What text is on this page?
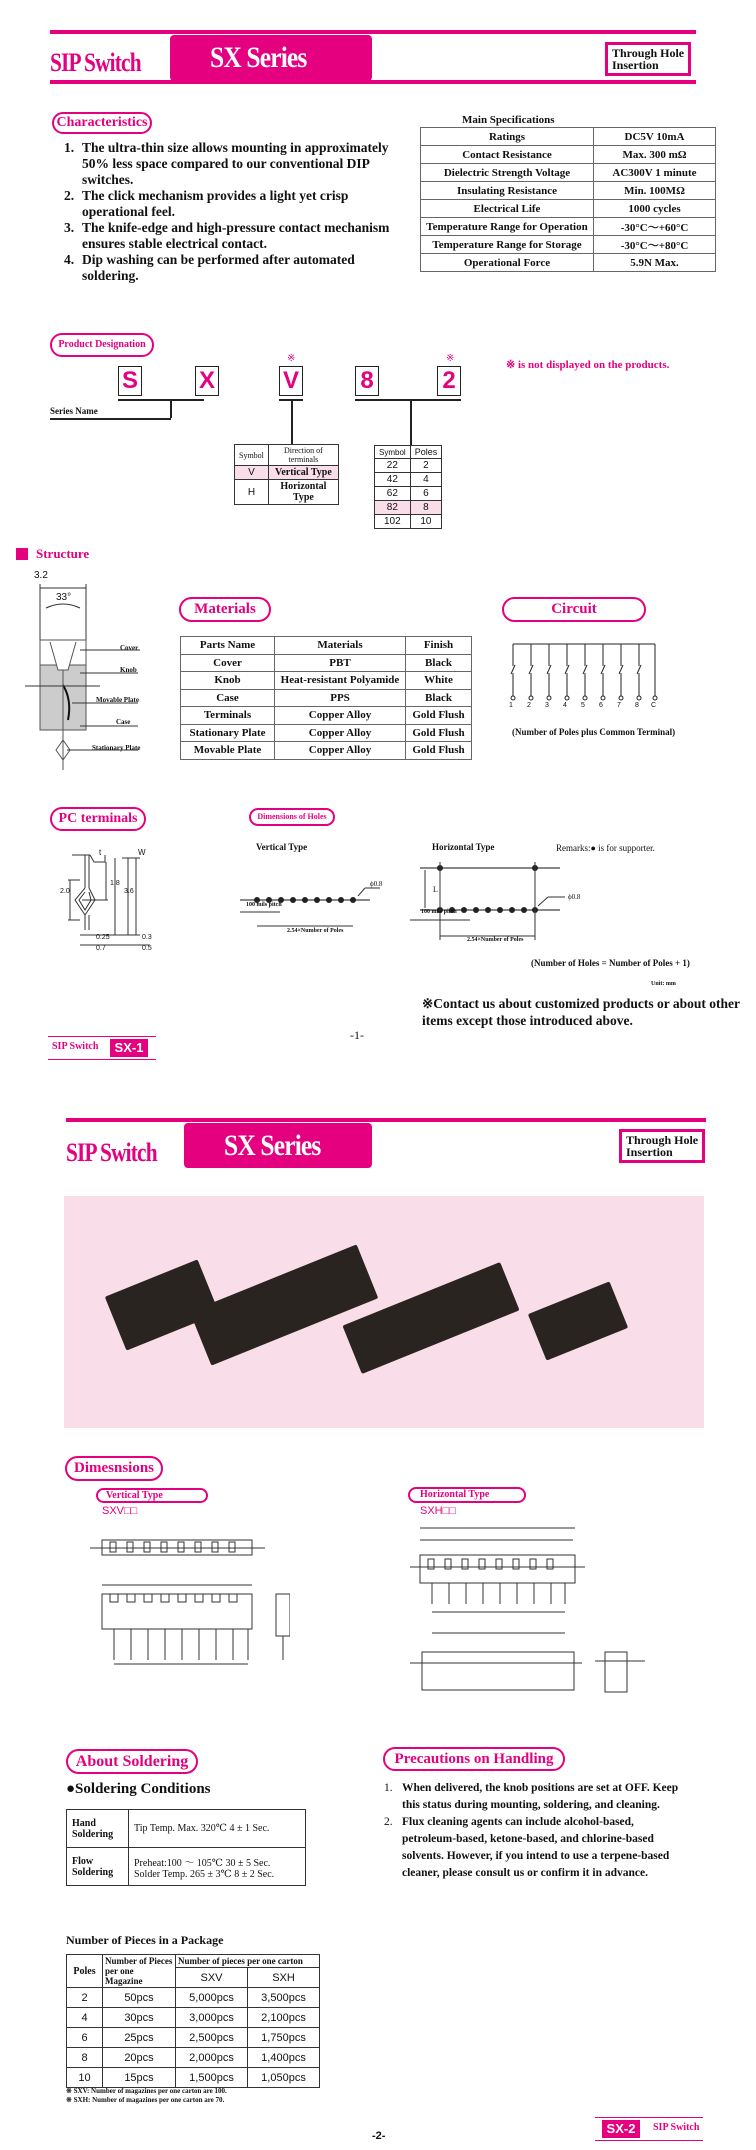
SIP Switch SX Series	Through Hole
Insertion
Characteristics
1. The ultra-thin size allows mounting in approximately 50% less space compared to our conventional DIP switches.
2. The click mechanism provides a light yet crisp operational feel.
3. The knife-edge and high-pressure contact mechanism ensures stable electrical contact.
4. Dip washing can be performed after automated soldering.
Main Specifications
Ratings	DC5V 10mA
Contact Resistance	Max. 300 mΩ
Dielectric Strength Voltage	AC300V 1 minute
Insulating Resistance	Min. 100MΩ
Electrical Life	1000 cycles
Temperature Range for Operation	-30°C～+60°C
Temperature Range for Storage	-30°C～+80°C
Operational Force	5.9N Max.
Product Designation
S	X	V	8	2
※	※
※ is not displayed on the products.
Series Name
Symbol	Direction of terminals
V	Vertical Type
H	Horizontal Type
Symbol	Poles
22	2
42	4
62	6
82	8
102	10
Structure
3.2
33°
Cover
Knob
Movable Plate
Case
Stationary Plate
Materials
Parts Name	Materials	Finish
Cover	PBT	Black
Knob	Heat-resistant Polyamide	White
Case	PPS	Black
Terminals	Copper Alloy	Gold Flush
Stationary Plate	Copper Alloy	Gold Flush
Movable Plate	Copper Alloy	Gold Flush
Circuit
1	2	3	4	5	6	7	8	C
(Number of Poles plus Common Terminal)
PC terminals
t	W
1.8
2.0	3.6
0.25
0.7
0.3
0.5
Dimensions of Holes
Vertical Type	Horizontal Type	Remarks:● is for supporter.
ϕ0.8
ϕ0.8
100 mils pitch
100 mils pitch
2.54×Number of Poles
2.54×Number of Poles
L
(Number of Holes = Number of Poles + 1)
Unit: mm
※Contact us about customized products or about other items except those introduced above.
-1-
SIP Switch	SX-1
SIP Switch SX Series	Through Hole
Insertion
Dimesnsions
Vertical Type
SXV□□
Horizontal Type
SXH□□
About Soldering
●Soldering Conditions
Hand Soldering	Tip Temp. Max. 320℃ 4 ± 1 Sec.
Flow Soldering	Preheat:100 ～ 105℃ 30 ± 5 Sec.
Solder Temp. 265 ± 3℃ 8 ± 2 Sec.
Precautions on Handling
1. When delivered, the knob positions are set at OFF. Keep this status during mounting, soldering, and cleaning.
2. Flux cleaning agents can include alcohol-based, petroleum-based, ketone-based, and chlorine-based solvents. However, if you intend to use a terpene-based cleaner, please consult us or confirm it in advance.
Number of Pieces in a Package
Poles	Number of Pieces per one Magazine	Number of pieces per one carton	
		SXV	SXH
2	50pcs	5,000pcs	3,500pcs
4	30pcs	3,000pcs	2,100pcs
6	25pcs	2,500pcs	1,750pcs
8	20pcs	2,000pcs	1,400pcs
10	15pcs	1,500pcs	1,050pcs
※ SXV: Number of magazines per one carton are 100.
※ SXH: Number of magazines per one carton are 70.
-2-	SX-2	SIP Switch
